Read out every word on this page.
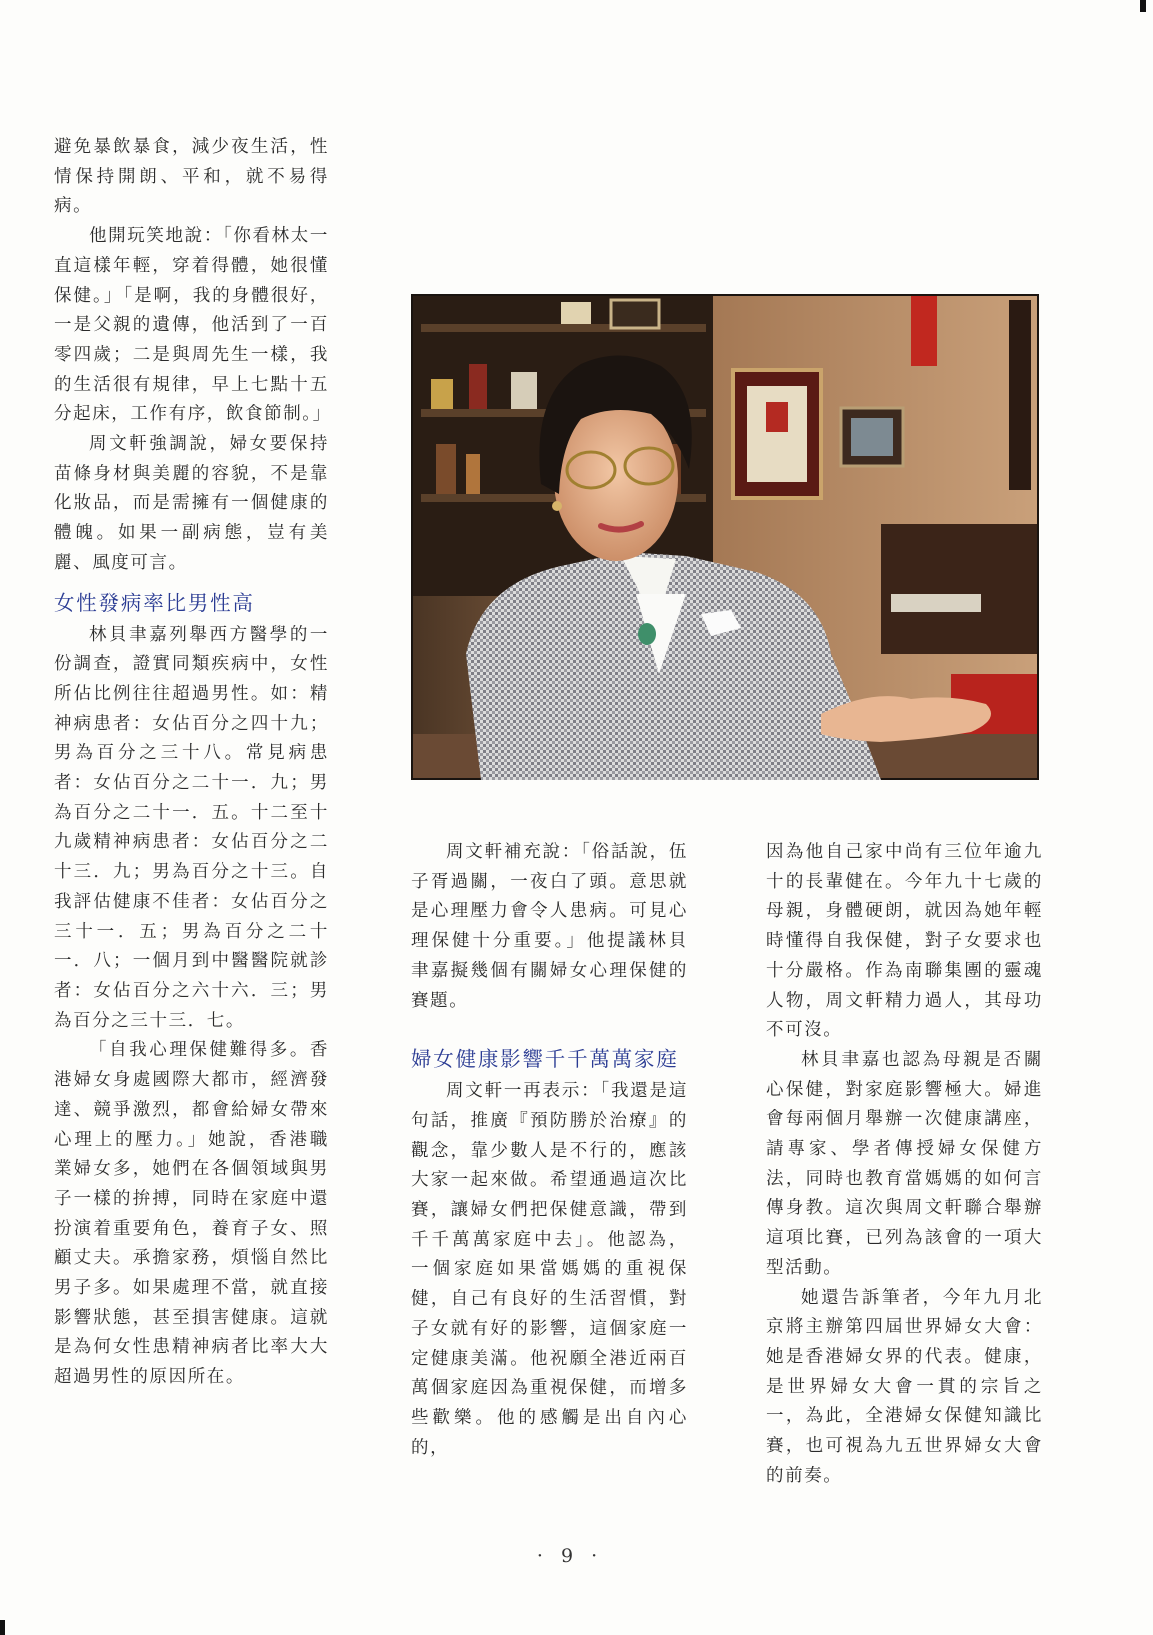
避免暴飲暴食，減少夜生活，性情保持開朗、平和，就不易得病。

他開玩笑地說：「你看林太一直這樣年輕，穿着得體，她很懂保健。」「是啊，我的身體很好，一是父親的遺傳，他活到了一百零四歲；二是與周先生一樣，我的生活很有規律，早上七點十五分起床，工作有序，飲食節制。」

周文軒強調說，婦女要保持苗條身材與美麗的容貌，不是靠化妝品，而是需擁有一個健康的體魄。如果一副病態，豈有美麗、風度可言。

女性發病率比男性高

林貝聿嘉列舉西方醫學的一份調查，證實同類疾病中，女性所佔比例往往超過男性。如：精神病患者：女佔百分之四十九；男為百分之三十八。常見病患者：女佔百分之二十一．九；男為百分之二十一．五。十二至十九歲精神病患者：女佔百分之二十三．九；男為百分之十三。自我評估健康不佳者：女佔百分之三十一．五；男為百分之二十一．八；一個月到中醫醫院就診者：女佔百分之六十六．三；男為百分之三十三．七。

「自我心理保健難得多。香港婦女身處國際大都市，經濟發達、競爭激烈，都會給婦女帶來心理上的壓力。」她說，香港職業婦女多，她們在各個領域與男子一樣的拚搏，同時在家庭中還扮演着重要角色，養育子女、照顧丈夫。承擔家務，煩惱自然比男子多。如果處理不當，就直接影響狀態，甚至損害健康。這就是為何女性患精神病者比率大大超過男性的原因所在。

周文軒補充說：「俗話說，伍子胥過關，一夜白了頭。意思就是心理壓力會令人患病。可見心理保健十分重要。」他提議林貝聿嘉擬幾個有關婦女心理保健的賽題。

婦女健康影響千千萬萬家庭

周文軒一再表示：「我還是這句話，推廣『預防勝於治療』的觀念，靠少數人是不行的，應該大家一起來做。希望通過這次比賽，讓婦女們把保健意識，帶到千千萬萬家庭中去」。他認為，一個家庭如果當媽媽的重視保健，自己有良好的生活習慣，對子女就有好的影響，這個家庭一定健康美滿。他祝願全港近兩百萬個家庭因為重視保健，而增多些歡樂。他的感觸是出自內心的，

因為他自己家中尚有三位年逾九十的長輩健在。今年九十七歲的母親，身體硬朗，就因為她年輕時懂得自我保健，對子女要求也十分嚴格。作為南聯集團的靈魂人物，周文軒精力過人，其母功不可沒。

林貝聿嘉也認為母親是否關心保健，對家庭影響極大。婦進會每兩個月舉辦一次健康講座，請專家、學者傳授婦女保健方法，同時也教育當媽媽的如何言傳身教。這次與周文軒聯合舉辦這項比賽，已列為該會的一項大型活動。

她還告訴筆者，今年九月北京將主辦第四屆世界婦女大會：她是香港婦女界的代表。健康，是世界婦女大會一貫的宗旨之一，為此，全港婦女保健知識比賽，也可視為九五世界婦女大會的前奏。

· 9 ·
